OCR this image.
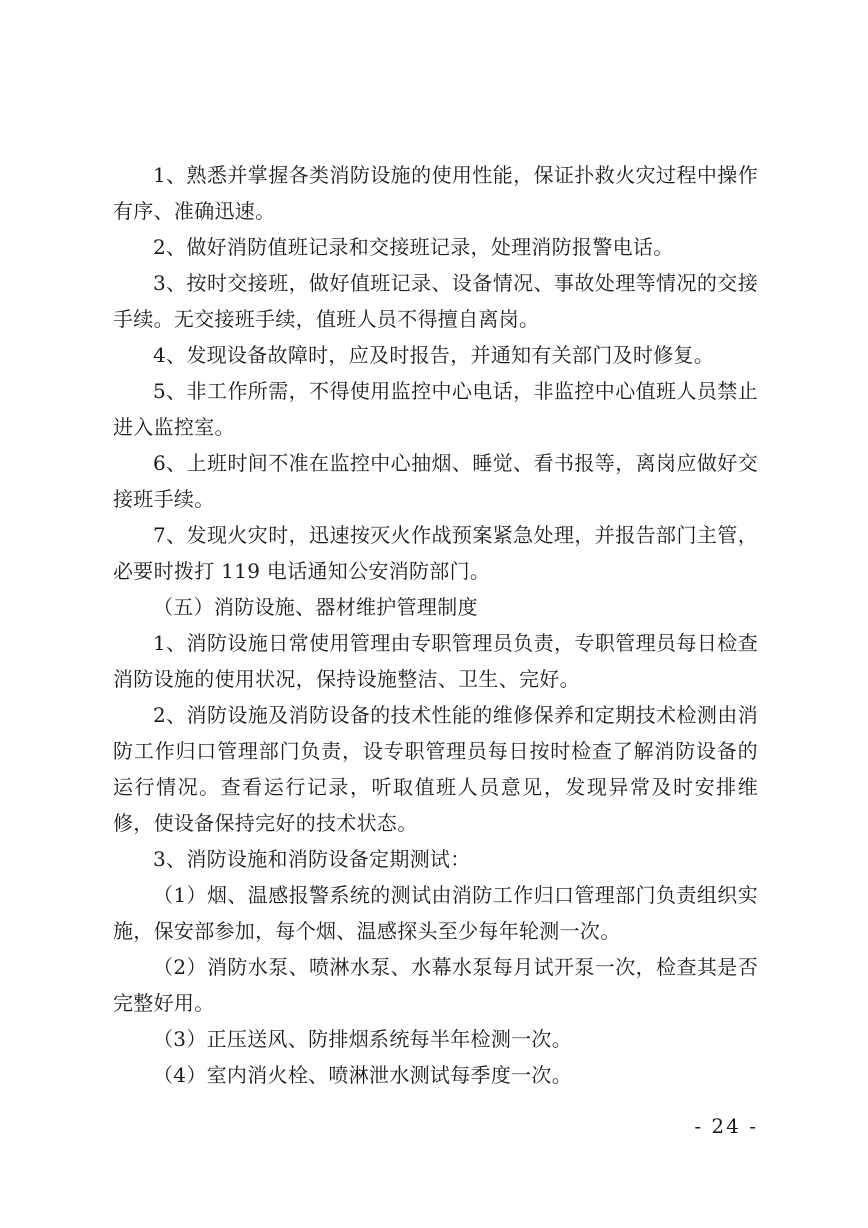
1、熟悉并掌握各类消防设施的使用性能，保证扑救火灾过程中操作有序、准确迅速。

2、做好消防值班记录和交接班记录，处理消防报警电话。

3、按时交接班，做好值班记录、设备情况、事故处理等情况的交接手续。无交接班手续，值班人员不得擅自离岗。

4、发现设备故障时，应及时报告，并通知有关部门及时修复。

5、非工作所需，不得使用监控中心电话，非监控中心值班人员禁止进入监控室。

6、上班时间不准在监控中心抽烟、睡觉、看书报等，离岗应做好交接班手续。

7、发现火灾时，迅速按灭火作战预案紧急处理，并报告部门主管，必要时拨打 119 电话通知公安消防部门。

（五）消防设施、器材维护管理制度

1、消防设施日常使用管理由专职管理员负责，专职管理员每日检查消防设施的使用状况，保持设施整洁、卫生、完好。

2、消防设施及消防设备的技术性能的维修保养和定期技术检测由消防工作归口管理部门负责，设专职管理员每日按时检查了解消防设备的运行情况。查看运行记录，听取值班人员意见，发现异常及时安排维修，使设备保持完好的技术状态。

3、消防设施和消防设备定期测试：

（1）烟、温感报警系统的测试由消防工作归口管理部门负责组织实施，保安部参加，每个烟、温感探头至少每年轮测一次。

（2）消防水泵、喷淋水泵、水幕水泵每月试开泵一次，检查其是否完整好用。

（3）正压送风、防排烟系统每半年检测一次。

（4）室内消火栓、喷淋泄水测试每季度一次。

- 24 -
